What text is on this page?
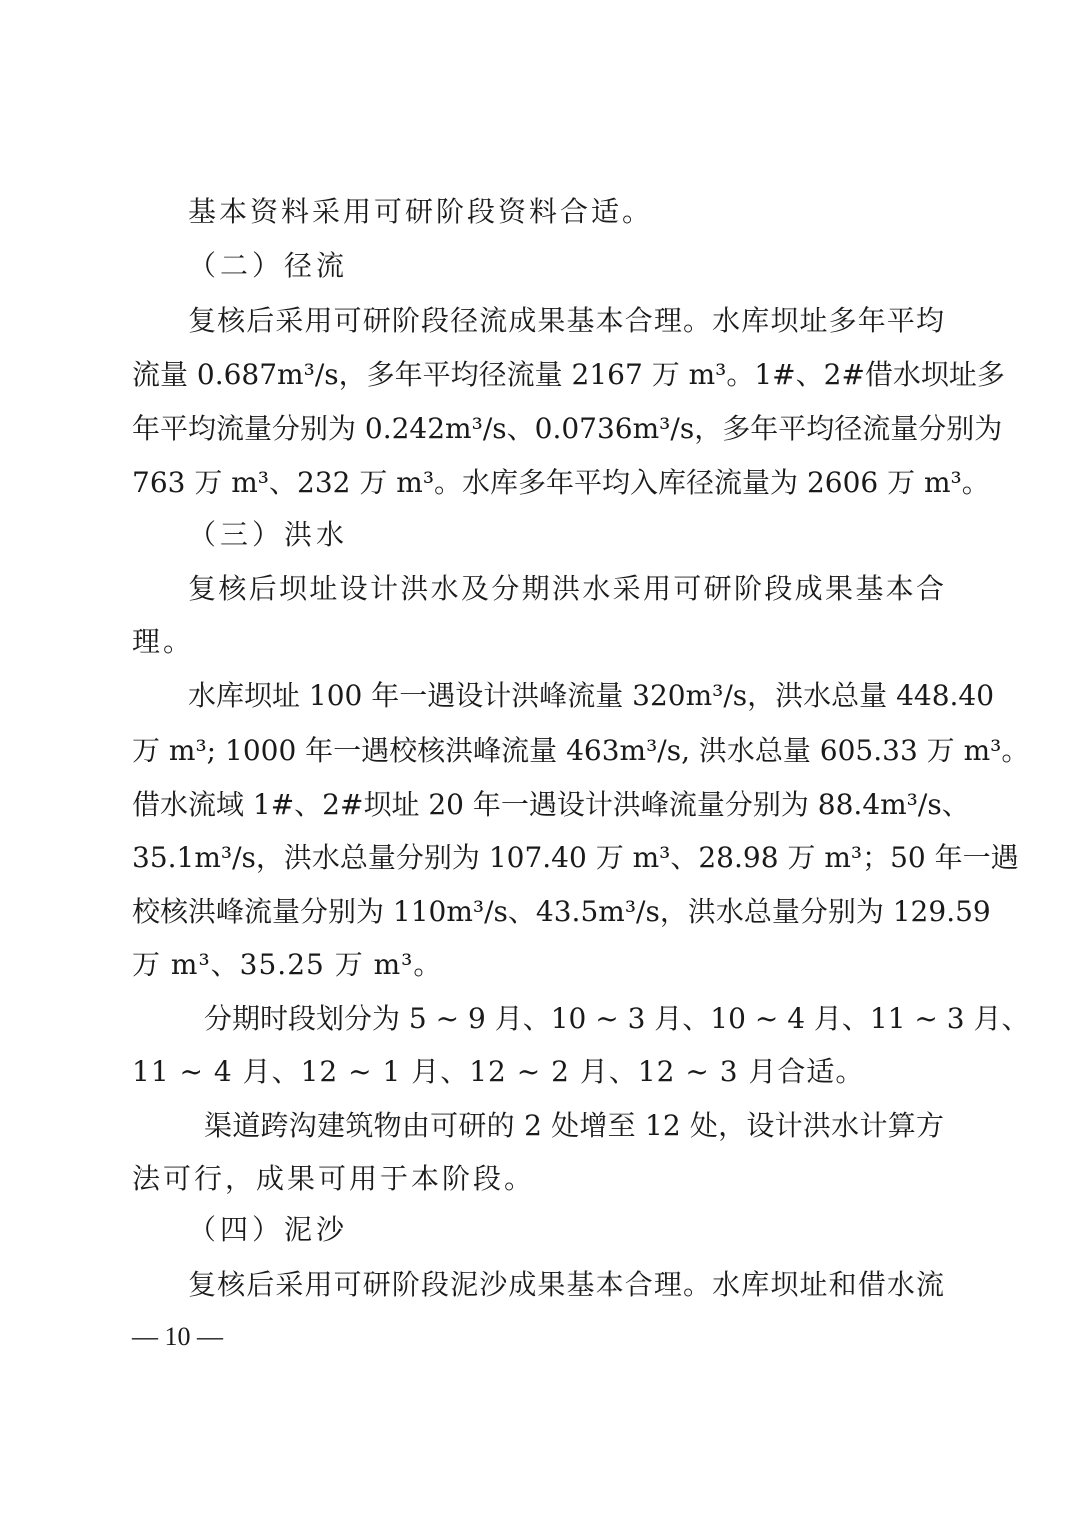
基本资料采用可研阶段资料合适。
（二）径流
复核后采用可研阶段径流成果基本合理。水库坝址多年平均
流量 0.687m³/s，多年平均径流量 2167 万 m³。1#、2#借水坝址多
年平均流量分别为 0.242m³/s、0.0736m³/s，多年平均径流量分别为
763 万 m³、232 万 m³。水库多年平均入库径流量为 2606 万 m³。
（三）洪水
复核后坝址设计洪水及分期洪水采用可研阶段成果基本合
理。
水库坝址 100 年一遇设计洪峰流量 320m³/s，洪水总量 448.40
万 m³; 1000 年一遇校核洪峰流量 463m³/s, 洪水总量 605.33 万 m³。
借水流域 1#、2#坝址 20 年一遇设计洪峰流量分别为 88.4m³/s、
35.1m³/s，洪水总量分别为 107.40 万 m³、28.98 万 m³；50 年一遇
校核洪峰流量分别为 110m³/s、43.5m³/s，洪水总量分别为 129.59
万 m³、35.25 万 m³。
分期时段划分为 5 ~ 9 月、10 ~ 3 月、10 ~ 4 月、11 ~ 3 月、
11 ~ 4 月、12 ~ 1 月、12 ~ 2 月、12 ~ 3 月合适。
渠道跨沟建筑物由可研的 2 处增至 12 处，设计洪水计算方
法可行，成果可用于本阶段。
（四）泥沙
复核后采用可研阶段泥沙成果基本合理。水库坝址和借水流
— 10 —
